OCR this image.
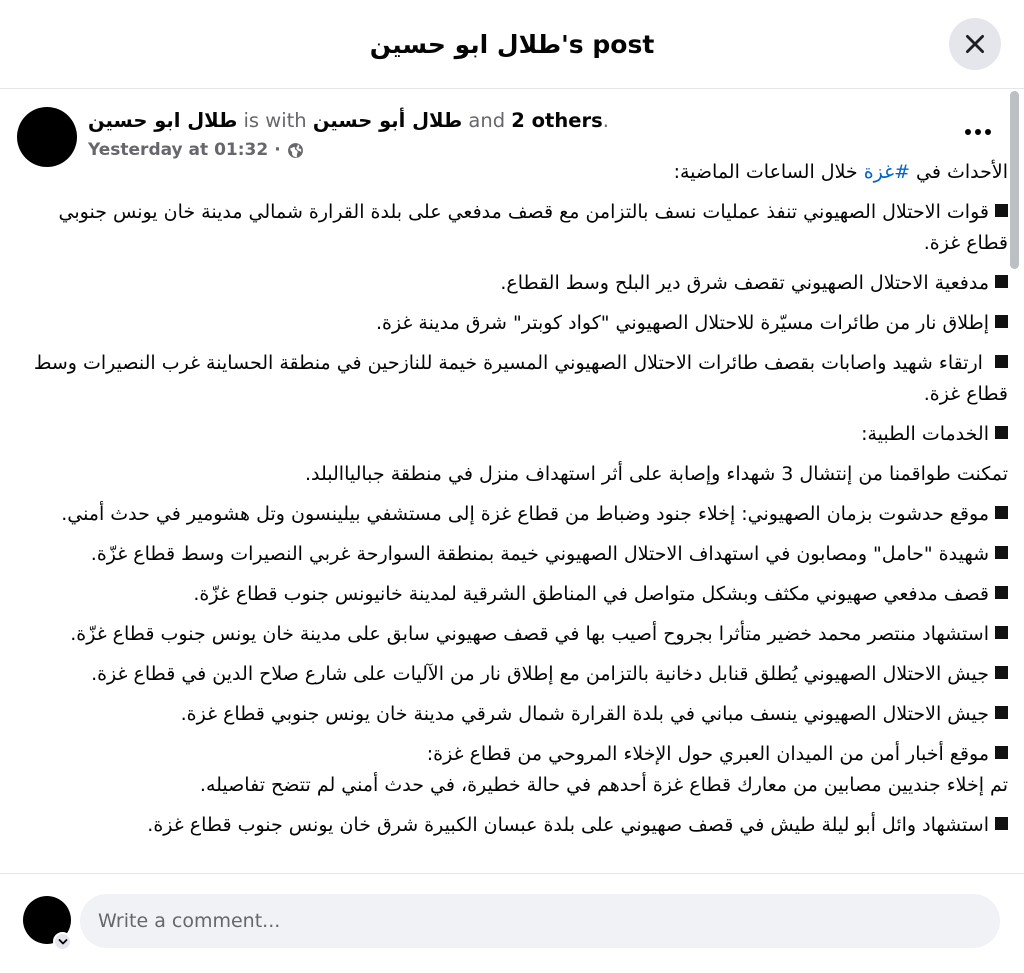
طلال ابو حسين's post
طلال ابو حسين is with طلال أبو حسين and 2 others.
Yesterday at 01:32 ·

الأحداث في #غزة خلال الساعات الماضية:

قوات الاحتلال الصهيوني تنفذ عمليات نسف بالتزامن مع قصف مدفعي على بلدة القرارة شمالي مدينة خان يونس جنوبي قطاع غزة.

مدفعية الاحتلال الصهيوني تقصف شرق دير البلح وسط القطاع.

إطلاق نار من طائرات مسيّرة للاحتلال الصهيوني "كواد كوبتر" شرق مدينة غزة.

ارتقاء شهيد واصابات بقصف طائرات الاحتلال الصهيوني المسيرة خيمة للنازحين في منطقة الحساينة غرب النصيرات وسط قطاع غزة.

الخدمات الطبية:

تمكنت طواقمنا من إنتشال 3 شهداء وإصابة على أثر استهداف منزل في منطقة جبالياالبلد.

موقع حدشوت بزمان الصهيوني: إخلاء جنود وضباط من قطاع غزة إلى مستشفي بيلينسون وتل هشومير في حدث أمني.

شهيدة "حامل" ومصابون في استهداف الاحتلال الصهيوني خيمة بمنطقة السوارحة غربي النصيرات وسط قطاع غزّة.

قصف مدفعي صهيوني مكثف وبشكل متواصل في المناطق الشرقية لمدينة خانيونس جنوب قطاع غزّة.

استشهاد منتصر محمد خضير متأثرا بجروح أصيب بها في قصف صهيوني سابق على مدينة خان يونس جنوب قطاع غزّة.

جيش الاحتلال الصهيوني يُطلق قنابل دخانية بالتزامن مع إطلاق نار من الآليات على شارع صلاح الدين في قطاع غزة.

جيش الاحتلال الصهيوني ينسف مباني في بلدة القرارة شمال شرقي مدينة خان يونس جنوبي قطاع غزة.

موقع أخبار أمن من الميدان العبري حول الإخلاء المروحي من قطاع غزة:
تم إخلاء جنديين مصابين من معارك قطاع غزة أحدهم في حالة خطيرة، في حدث أمني لم تتضح تفاصيله.

استشهاد وائل أبو ليلة طيش في قصف صهيوني على بلدة عبسان الكبيرة شرق خان يونس جنوب قطاع غزة.

Write a comment...
